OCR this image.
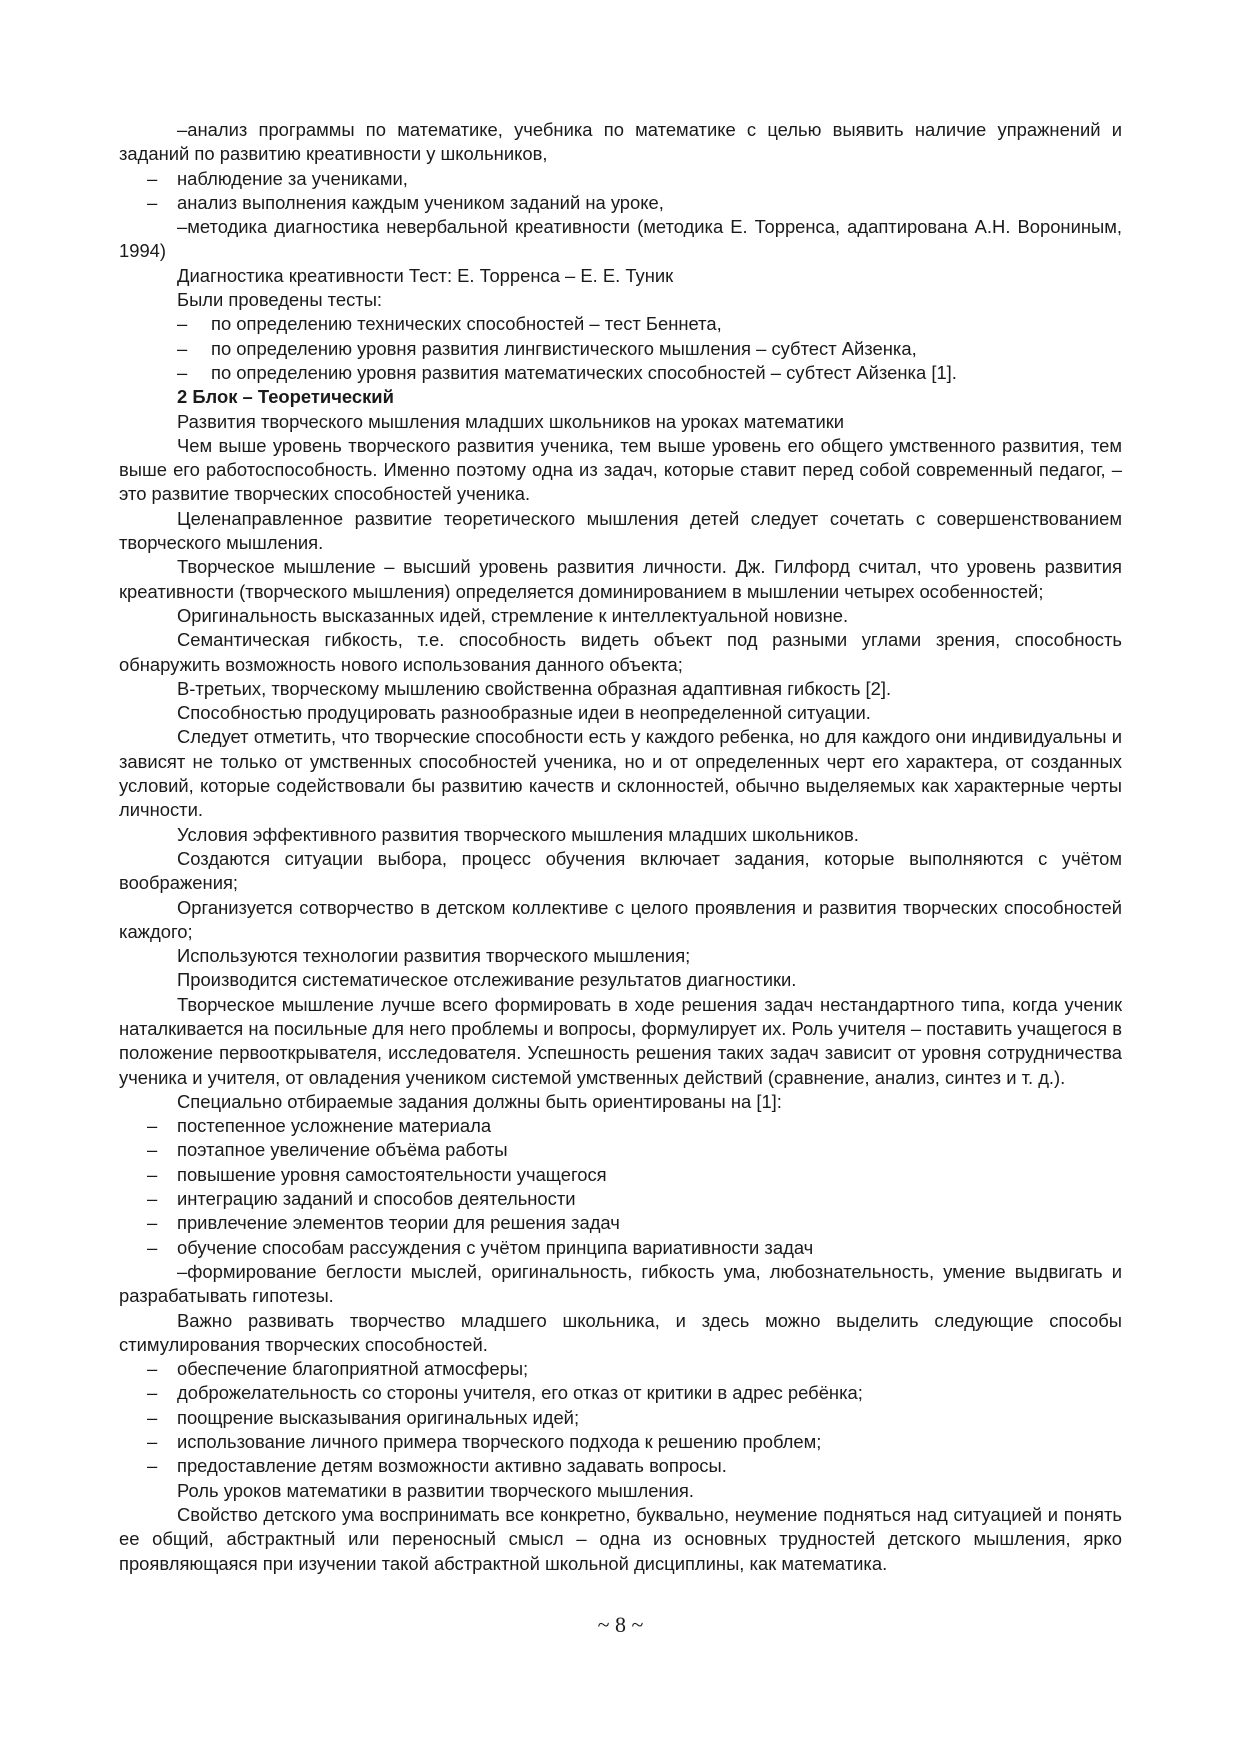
–анализ программы по математике, учебника по математике с целью выявить наличие упражнений и заданий по развитию креативности у школьников,

– наблюдение за учениками,

– анализ выполнения каждым учеником заданий на уроке,

–методика диагностика невербальной креативности (методика Е. Торренса, адаптирована А.Н. Ворониным, 1994)

Диагностика креативности Тест: Е. Торренса – Е. Е. Туник

Были проведены тесты:

– по определению технических способностей – тест Беннета,

– по определению уровня развития лингвистического мышления – субтест Айзенка,

– по определению уровня развития математических способностей – субтест Айзенка [1].

2 Блок – Теоретический

Развития творческого мышления младших школьников на уроках математики

Чем выше уровень творческого развития ученика, тем выше уровень его общего умственного развития, тем выше его работоспособность. Именно поэтому одна из задач, которые ставит перед собой современный педагог, – это развитие творческих способностей ученика.

Целенаправленное развитие теоретического мышления детей следует сочетать с совершенствованием творческого мышления.

Творческое мышление – высший уровень развития личности. Дж. Гилфорд считал, что уровень развития креативности (творческого мышления) определяется доминированием в мышлении четырех особенностей;

Оригинальность высказанных идей, стремление к интеллектуальной новизне.

Семантическая гибкость, т.е. способность видеть объект под разными углами зрения, способность обнаружить возможность нового использования данного объекта;

В-третьих, творческому мышлению свойственна образная адаптивная гибкость [2].

Способностью продуцировать разнообразные идеи в неопределенной ситуации.

Следует отметить, что творческие способности есть у каждого ребенка, но для каждого они индивидуальны и зависят не только от умственных способностей ученика, но и от определенных черт его характера, от созданных условий, которые содействовали бы развитию качеств и склонностей, обычно выделяемых как характерные черты личности.

Условия эффективного развития творческого мышления младших школьников.

Создаются ситуации выбора, процесс обучения включает задания, которые выполняются с учётом воображения;

Организуется сотворчество в детском коллективе с целого проявления и развития творческих способностей каждого;

Используются технологии развития творческого мышления;

Производится систематическое отслеживание результатов диагностики.

Творческое мышление лучше всего формировать в ходе решения задач нестандартного типа, когда ученик наталкивается на посильные для него проблемы и вопросы, формулирует их. Роль учителя – поставить учащегося в положение первооткрывателя, исследователя. Успешность решения таких задач зависит от уровня сотрудничества ученика и учителя, от овладения учеником системой умственных действий (сравнение, анализ, синтез и т. д.).

Специально отбираемые задания должны быть ориентированы на [1]:

– постепенное усложнение материала

– поэтапное увеличение объёма работы

– повышение уровня самостоятельности учащегося

– интеграцию заданий и способов деятельности

– привлечение элементов теории для решения задач

– обучение способам рассуждения с учётом принципа вариативности задач

–формирование беглости мыслей, оригинальность, гибкость ума, любознательность, умение выдвигать и разрабатывать гипотезы.

Важно развивать творчество младшего школьника, и здесь можно выделить следующие способы стимулирования творческих способностей.

– обеспечение благоприятной атмосферы;

– доброжелательность со стороны учителя, его отказ от критики в адрес ребёнка;

– поощрение высказывания оригинальных идей;

– использование личного примера творческого подхода к решению проблем;

– предоставление детям возможности активно задавать вопросы.

Роль уроков математики в развитии творческого мышления.

Свойство детского ума воспринимать все конкретно, буквально, неумение подняться над ситуацией и понять ее общий, абстрактный или переносный смысл – одна из основных трудностей детского мышления, ярко проявляющаяся при изучении такой абстрактной школьной дисциплины, как математика.

~ 8 ~
